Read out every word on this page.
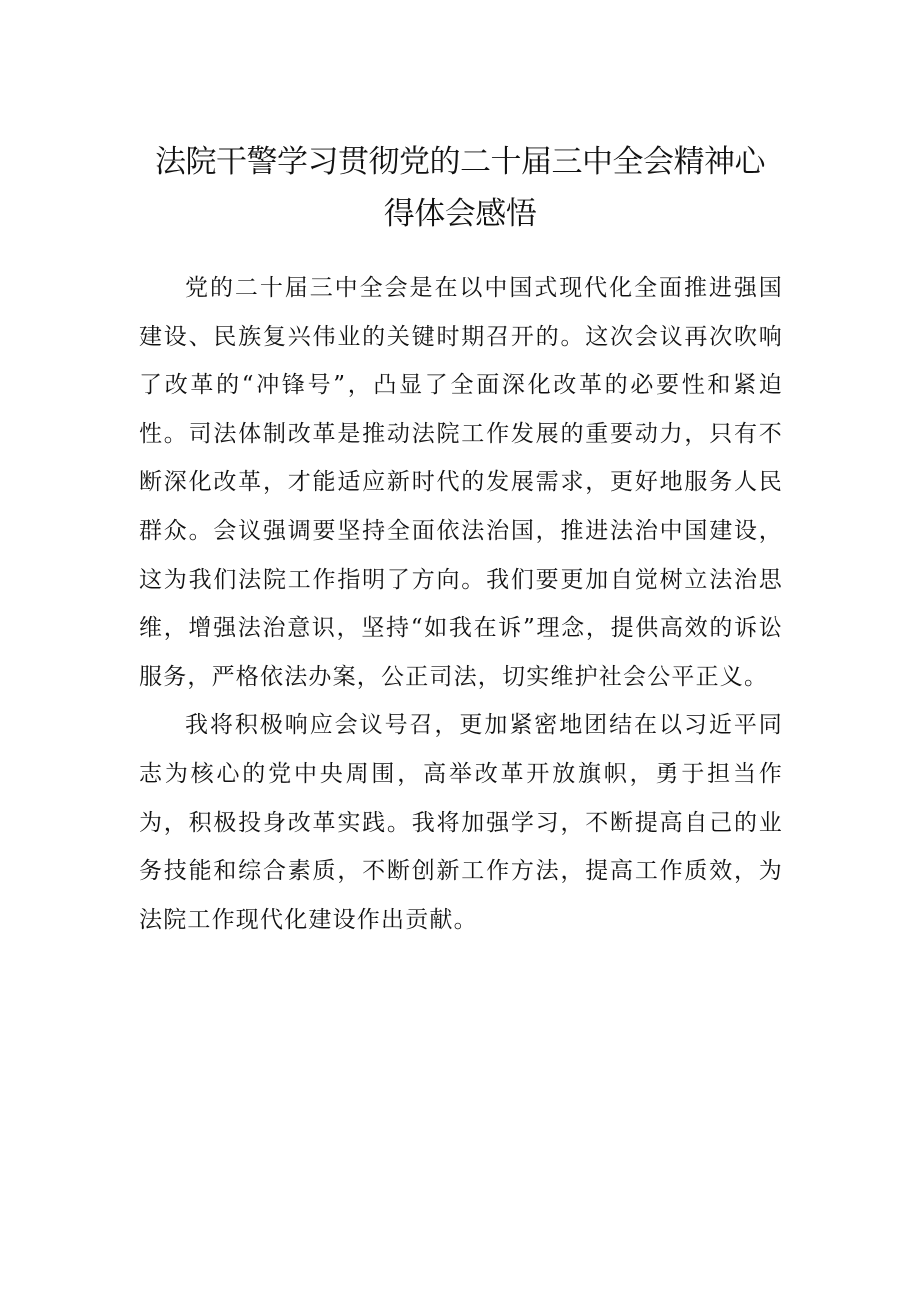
法院干警学习贯彻党的二十届三中全会精神心
得体会感悟

党的二十届三中全会是在以中国式现代化全面推进强国建设、民族复兴伟业的关键时期召开的。这次会议再次吹响了改革的“冲锋号”，凸显了全面深化改革的必要性和紧迫性。司法体制改革是推动法院工作发展的重要动力，只有不断深化改革，才能适应新时代的发展需求，更好地服务人民群众。会议强调要坚持全面依法治国，推进法治中国建设，这为我们法院工作指明了方向。我们要更加自觉树立法治思维，增强法治意识，坚持“如我在诉”理念，提供高效的诉讼服务，严格依法办案，公正司法，切实维护社会公平正义。

我将积极响应会议号召，更加紧密地团结在以习近平同志为核心的党中央周围，高举改革开放旗帜，勇于担当作为，积极投身改革实践。我将加强学习，不断提高自己的业务技能和综合素质，不断创新工作方法，提高工作质效，为法院工作现代化建设作出贡献。
